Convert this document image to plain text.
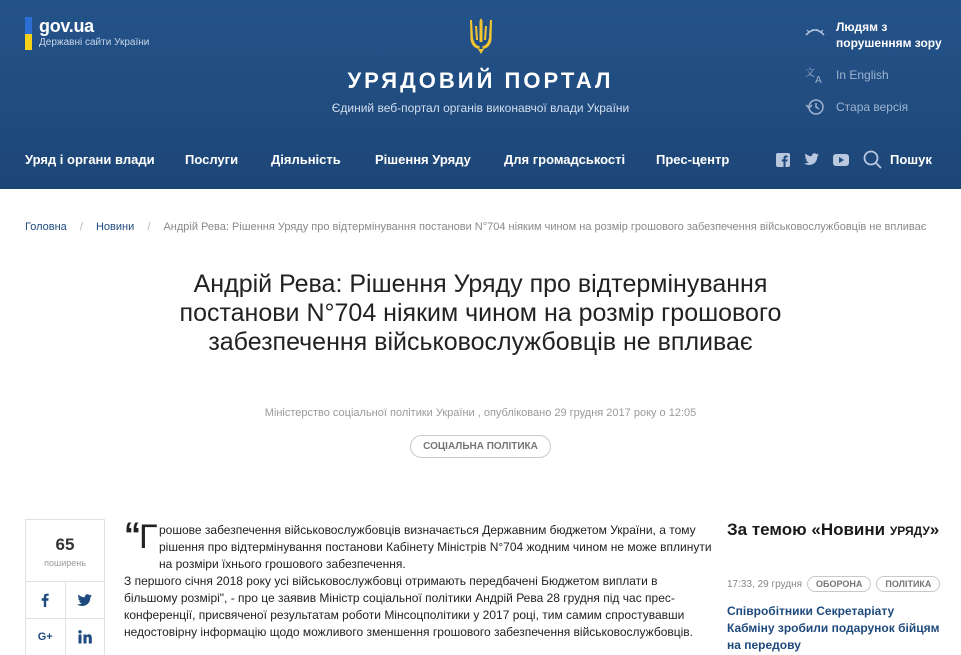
gov.ua
Державні сайти України
УРЯДОВИЙ ПОРТАЛ
Єдиний веб-портал органів виконавчої влади України
Людям з порушенням зору
文
A In English
Стара версія
Уряд і органи влади	Послуги	Діяльність	Рішення Уряду	Для громадськості	Прес-центр	Пошук
Головна / Новини / Андрій Рева: Рішення Уряду про відтермінування постанови N°704 ніяким чином на розмір грошового забезпечення військовослужбовців не впливає
Андрій Рева: Рішення Уряду про відтермінування постанови N°704 ніяким чином на розмір грошового забезпечення військовослужбовців не впливає
Міністерство соціальної політики України , опубліковано 29 грудня 2017 року о 12:05
СОЦІАЛЬНА ПОЛІТИКА
65
поширень
G+
“
Г рошове забезпечення військовослужбовців визначається Державним бюджетом України, а тому рішення про відтермінування постанови Кабінету Міністрів N°704 жодним чином не може вплинути на розміри їхнього грошового забезпечення.

З першого січня 2018 року усі військовослужбовці отримають передбачені Бюджетом виплати в більшому розмірі", - про це заявив Міністр соціальної політики Андрій Рева 28 грудня під час прес-конференції, присвяченої результатам роботи Мінсоцполітики у 2017 році, тим самим спростувавши недостовірну інформацію щодо можливого зменшення грошового забезпечення військовослужбовців.

За темою «Новини уряду»
17:33, 29 грудня	ОБОРОНА	ПОЛІТИКА
Співробітники Секретаріату Кабміну зробили подарунок бійцям на передову
